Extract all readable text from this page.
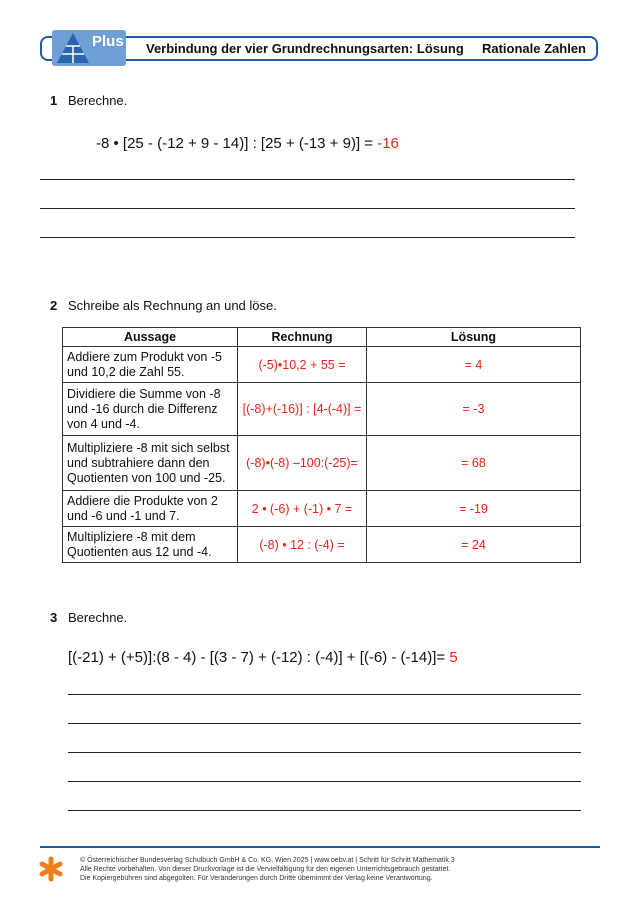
Plus Verbindung der vier Grundrechnungsarten: Lösung Rationale Zahlen
1 Berechne.
-8 • [25 - (-12 + 9 - 14)] : [25 + (-13 + 9)] = -16
2 Schreibe als Rechnung an und löse.
Aussage	Rechnung	Lösung
Addiere zum Produkt von -5 und 10,2 die Zahl 55.	(-5)•10,2 + 55 =	= 4
Dividiere die Summe von -8 und -16 durch die Differenz von 4 und -4.	[(-8)+(-16)] : [4-(-4)] =	= -3
Multipliziere -8 mit sich selbst und subtrahiere dann den Quotienten von 100 und -25.	(-8)•(-8) –100:(-25)=	= 68
Addiere die Produkte von 2 und -6 und -1 und 7.	2 • (-6) + (-1) • 7 =	= -19
Multipliziere -8 mit dem Quotienten aus 12 und -4.	(-8) • 12 : (-4) =	= 24
3 Berechne.
[(-21) + (+5)]:(8 - 4) - [(3 - 7) + (-12) : (-4)] + [(-6) - (-14)]= 5
© Österreichischer Bundesverlag Schulbuch GmbH & Co. KG, Wien 2025 | www.oebv.at | Schritt für Schritt Mathematik 3
Alle Rechte vorbehalten. Von dieser Druckvorlage ist die Vervielfältigung für den eigenen Unterrichtsgebrauch gestattet.
Die Kopiergebühren sind abgegolten. Für Veränderungen durch Dritte übernimmt der Verlag keine Verantwortung.
